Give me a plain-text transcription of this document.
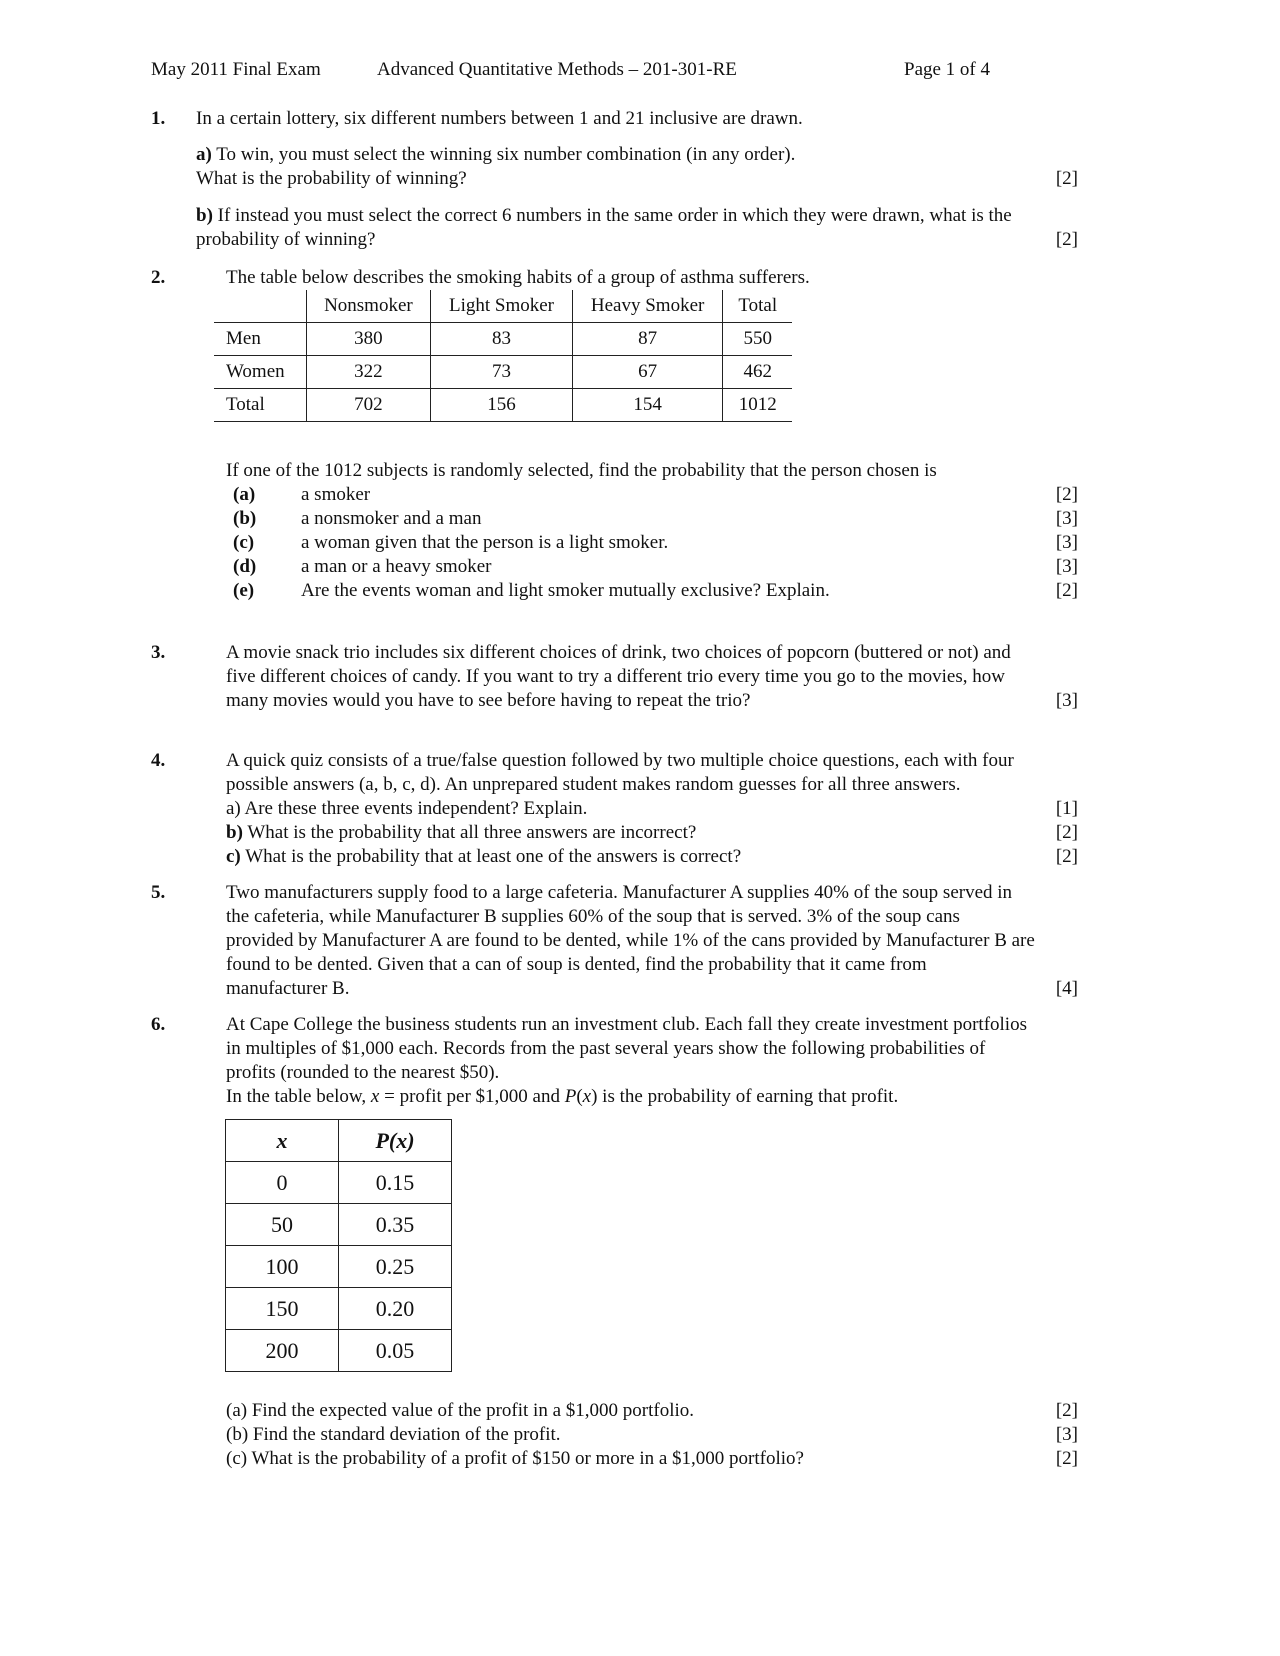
May 2011 Final Exam	Advanced Quantitative Methods – 201-301-RE	Page 1 of 4
1. In a certain lottery, six different numbers between 1 and 21 inclusive are drawn.
a) To win, you must select the winning six number combination (in any order).
What is the probability of winning?	[2]
b) If instead you must select the correct 6 numbers in the same order in which they were drawn, what is the
probability of winning?	[2]
2.	The table below describes the smoking habits of a group of asthma sufferers.
	Nonsmoker	Light Smoker	Heavy Smoker	Total
Men	380	83	87	550
Women	322	73	67	462
Total	702	156	154	1012
If one of the 1012 subjects is randomly selected, find the probability that the person chosen is
(a) a smoker	[2]
(b) a nonsmoker and a man	[3]
(c) a woman given that the person is a light smoker.	[3]
(d) a man or a heavy smoker	[3]
(e) Are the events woman and light smoker mutually exclusive? Explain.	[2]
3.	A movie snack trio includes six different choices of drink, two choices of popcorn (buttered or not) and
five different choices of candy. If you want to try a different trio every time you go to the movies, how
many movies would you have to see before having to repeat the trio?	[3]
4.	A quick quiz consists of a true/false question followed by two multiple choice questions, each with four
possible answers (a, b, c, d). An unprepared student makes random guesses for all three answers.
a) Are these three events independent? Explain.	[1]
b) What is the probability that all three answers are incorrect?	[2]
c) What is the probability that at least one of the answers is correct?	[2]
5.	Two manufacturers supply food to a large cafeteria. Manufacturer A supplies 40% of the soup served in
the cafeteria, while Manufacturer B supplies 60% of the soup that is served. 3% of the soup cans
provided by Manufacturer A are found to be dented, while 1% of the cans provided by Manufacturer B are
found to be dented. Given that a can of soup is dented, find the probability that it came from
manufacturer B.	[4]
6.	At Cape College the business students run an investment club. Each fall they create investment portfolios
in multiples of $1,000 each. Records from the past several years show the following probabilities of
profits (rounded to the nearest $50).
In the table below, x = profit per $1,000 and P(x) is the probability of earning that profit.
x	P(x)
0	0.15
50	0.35
100	0.25
150	0.20
200	0.05
(a) Find the expected value of the profit in a $1,000 portfolio.	[2]
(b) Find the standard deviation of the profit.	[3]
(c) What is the probability of a profit of $150 or more in a $1,000 portfolio?	[2]
